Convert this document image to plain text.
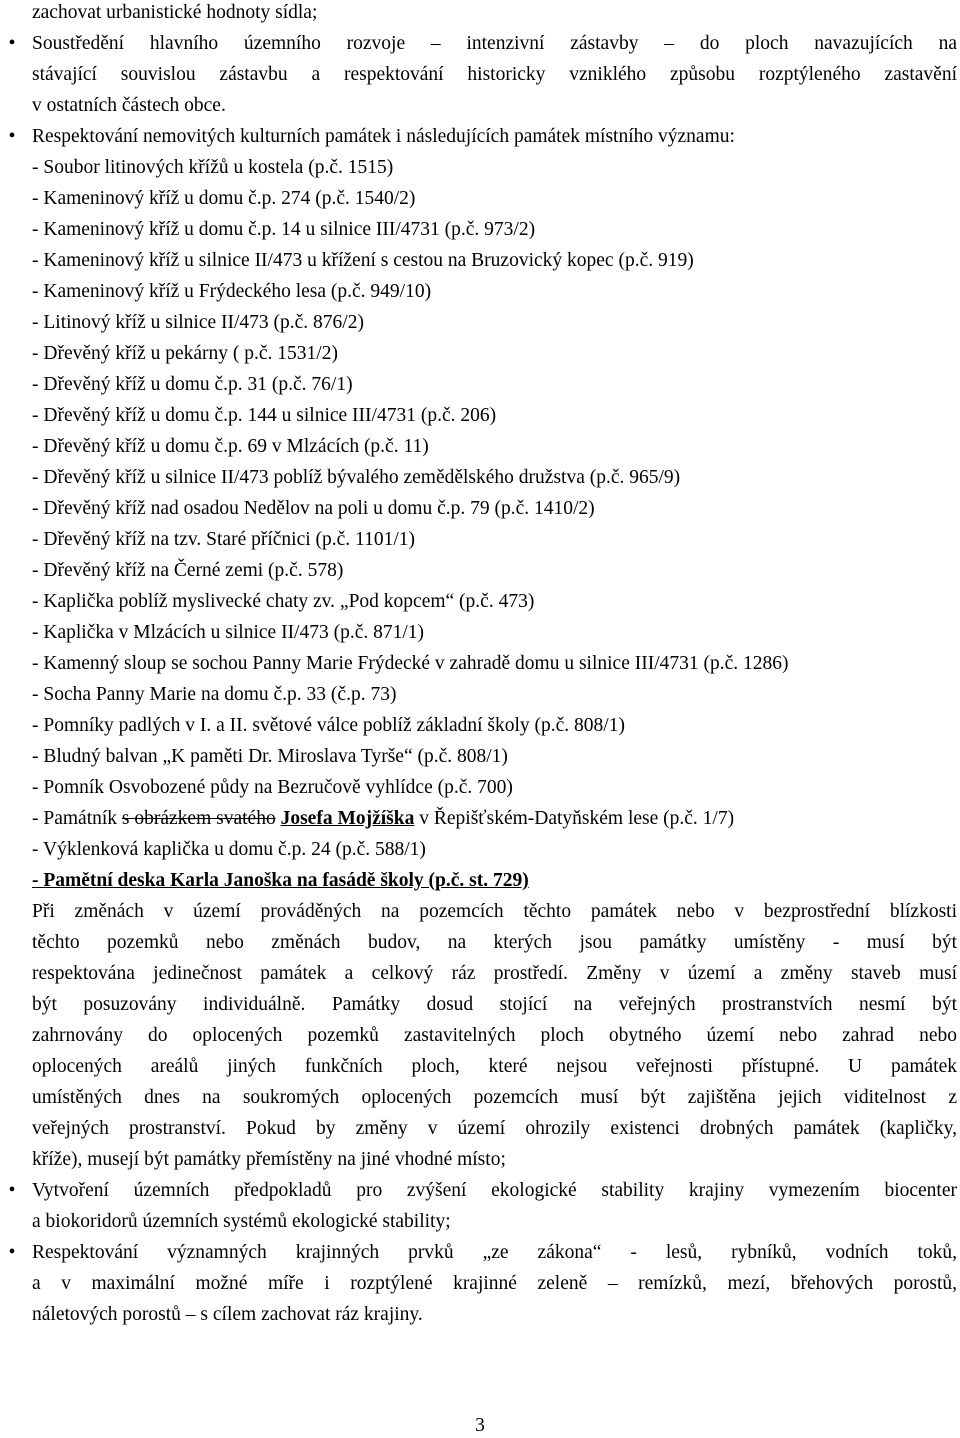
zachovat urbanistické hodnoty sídla;
• Soustředění hlavního územního rozvoje – intenzivní zástavby – do ploch navazujících na
stávající souvislou zástavbu a respektování historicky vzniklého způsobu rozptýleného zastavění
v ostatních částech obce.
• Respektování nemovitých kulturních památek i následujících památek místního významu:
- Soubor litinových křížů u kostela (p.č. 1515)
- Kameninový kříž u domu č.p. 274 (p.č. 1540/2)
- Kameninový kříž u domu č.p. 14 u silnice III/4731 (p.č. 973/2)
- Kameninový kříž u silnice II/473 u křížení s cestou na Bruzovický kopec (p.č. 919)
- Kameninový kříž u Frýdeckého lesa (p.č. 949/10)
- Litinový kříž u silnice II/473 (p.č. 876/2)
- Dřevěný kříž u pekárny ( p.č. 1531/2)
- Dřevěný kříž u domu č.p. 31 (p.č. 76/1)
- Dřevěný kříž u domu č.p. 144 u silnice III/4731 (p.č. 206)
- Dřevěný kříž u domu č.p. 69 v Mlzácích (p.č. 11)
- Dřevěný kříž u silnice II/473 poblíž bývalého zemědělského družstva (p.č. 965/9)
- Dřevěný kříž nad osadou Nedělov na poli u domu č.p. 79 (p.č. 1410/2)
- Dřevěný kříž na tzv. Staré příčnici (p.č. 1101/1)
- Dřevěný kříž na Černé zemi (p.č. 578)
- Kaplička poblíž myslivecké chaty zv. „Pod kopcem“ (p.č. 473)
- Kaplička v Mlzácích u silnice II/473 (p.č. 871/1)
- Kamenný sloup se sochou Panny Marie Frýdecké v zahradě domu u silnice III/4731 (p.č. 1286)
- Socha Panny Marie na domu č.p. 33 (č.p. 73)
- Pomníky padlých v I. a II. světové válce poblíž základní školy (p.č. 808/1)
- Bludný balvan „K paměti Dr. Miroslava Tyrše“ (p.č. 808/1)
- Pomník Osvobozené půdy na Bezručově vyhlídce (p.č. 700)
- Památník s obrázkem svatého Josefa Mojžíška v Řepišťském-Datyňském lese (p.č. 1/7)
- Výklenková kaplička u domu č.p. 24 (p.č. 588/1)
- Pamětní deska Karla Janoška na fasádě školy (p.č. st. 729)
Při změnách v území prováděných na pozemcích těchto památek nebo v bezprostřední blízkosti
těchto pozemků nebo změnách budov, na kterých jsou památky umístěny - musí být
respektována jedinečnost památek a celkový ráz prostředí. Změny v území a změny staveb musí
být posuzovány individuálně. Památky dosud stojící na veřejných prostranstvích nesmí být
zahrnovány do oplocených pozemků zastavitelných ploch obytného území nebo zahrad nebo
oplocených areálů jiných funkčních ploch, které nejsou veřejnosti přístupné. U památek
umístěných dnes na soukromých oplocených pozemcích musí být zajištěna jejich viditelnost z
veřejných prostranství. Pokud by změny v území ohrozily existenci drobných památek (kapličky,
kříže), musejí být památky přemístěny na jiné vhodné místo;
• Vytvoření územních předpokladů pro zvýšení ekologické stability krajiny vymezením biocenter
a biokoridorů územních systémů ekologické stability;
• Respektování významných krajinných prvků „ze zákona“ - lesů, rybníků, vodních toků,
a v maximální možné míře i rozptýlené krajinné zeleně – remízků, mezí, břehových porostů,
náletových porostů – s cílem zachovat ráz krajiny.
3
